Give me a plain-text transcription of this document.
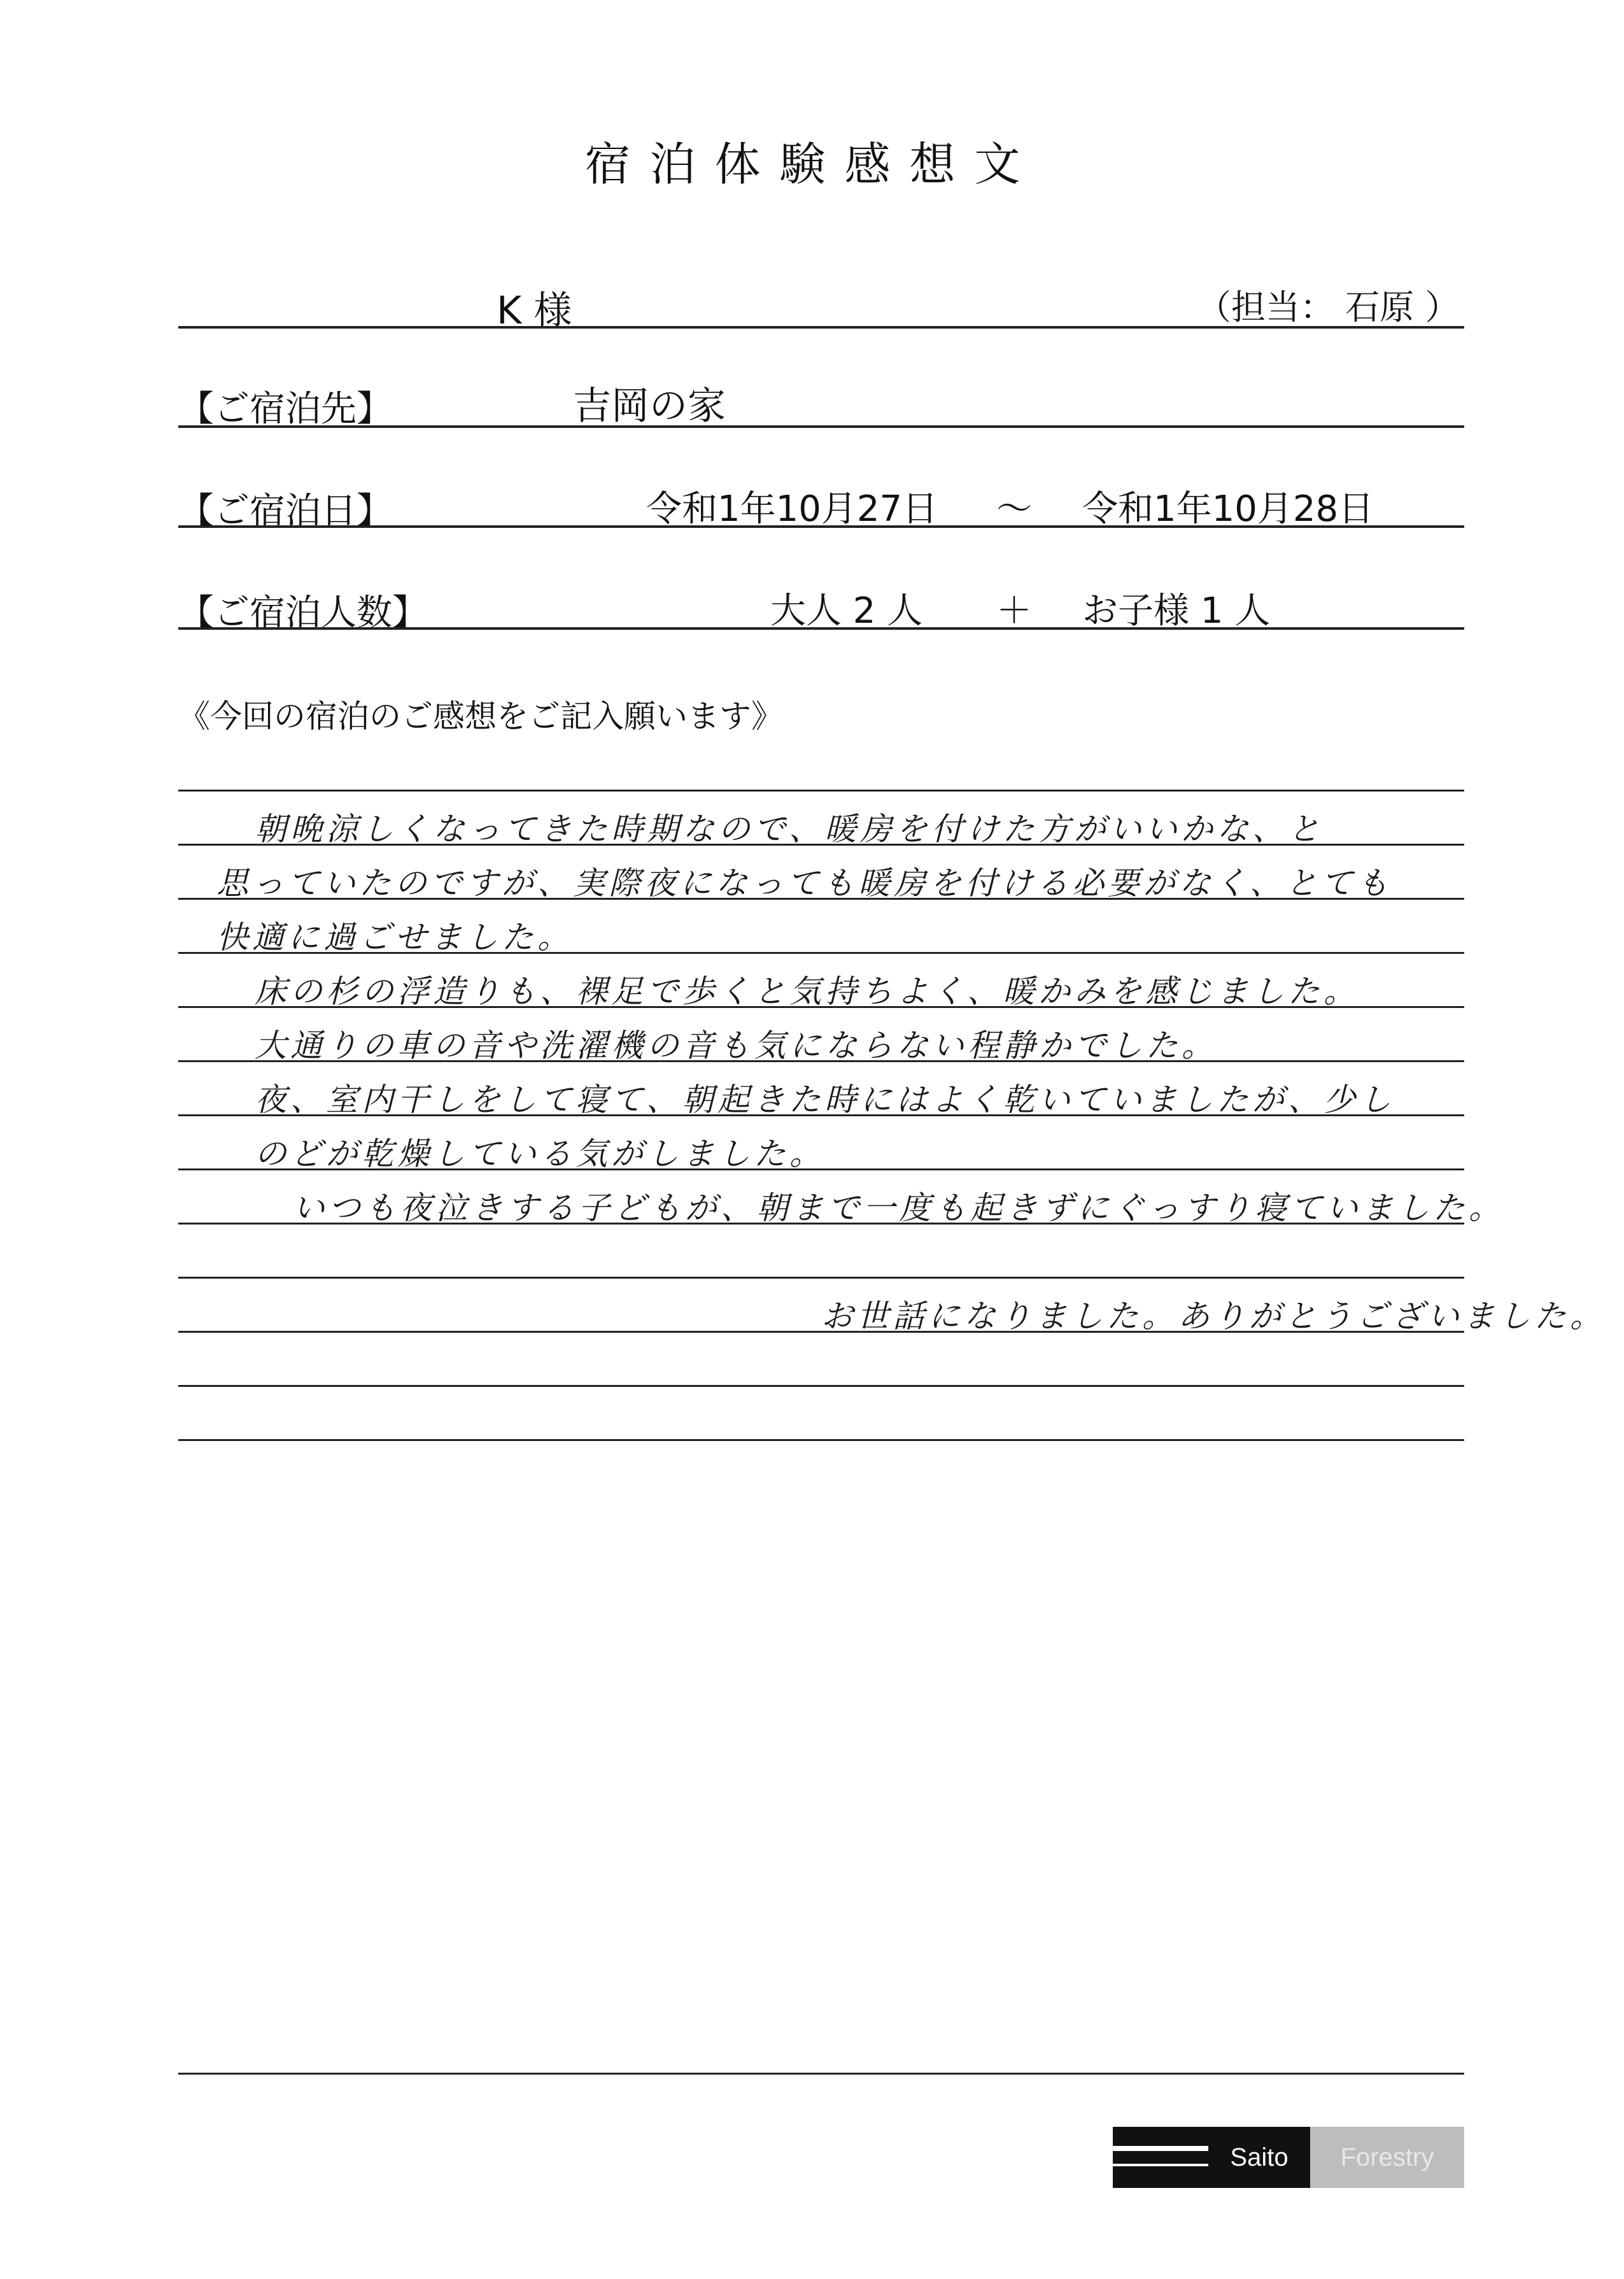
宿泊体験感想文
K 様	（担当： 石原 ）
【ご宿泊先】	吉岡の家
【ご宿泊日】	令和1年10月27日 ～ 令和1年10月28日
【ご宿泊人数】	大人 2 人 ＋ お子様 1 人
《今回の宿泊のご感想をご記入願います》
朝晩涼しくなってきた時期なので、暖房を付けた方がいいかな、と
思っていたのですが、実際夜になっても暖房を付ける必要がなく、とても
快適に過ごせました。
床の杉の浮造りも、裸足で歩くと気持ちよく、暖かみを感じました。
大通りの車の音や洗濯機の音も気にならない程静かでした。
夜、室内干しをして寝て、朝起きた時にはよく乾いていましたが、少し
のどが乾燥している気がしました。
いつも夜泣きする子どもが、朝まで一度も起きずにぐっすり寝ていました。
お世話になりました。ありがとうございました。
Saito	Forestry
